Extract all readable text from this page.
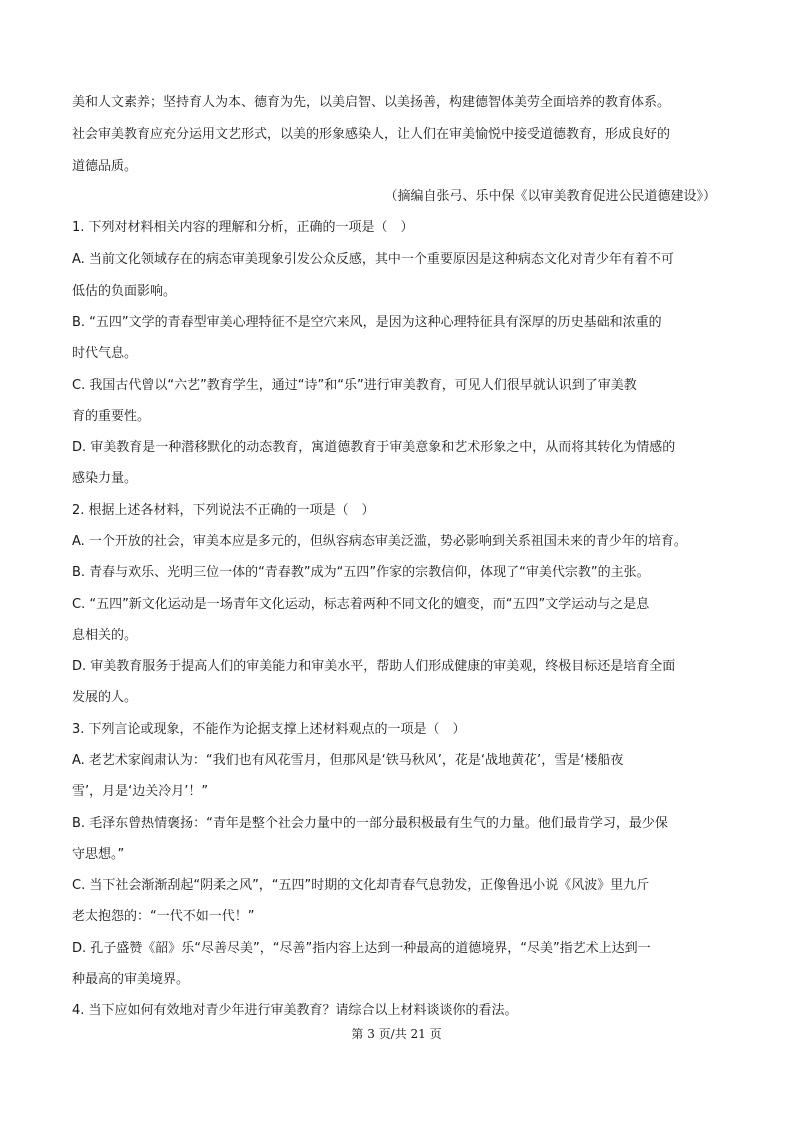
美和人文素养；坚持育人为本、德育为先，以美启智、以美扬善，构建德智体美劳全面培养的教育体系。
社会审美教育应充分运用文艺形式，以美的形象感染人，让人们在审美愉悦中接受道德教育，形成良好的
道德品质。
（摘编自张弓、乐中保《以审美教育促进公民道德建设》）
1. 下列对材料相关内容的理解和分析，正确的一项是（　）
A. 当前文化领域存在的病态审美现象引发公众反感，其中一个重要原因是这种病态文化对青少年有着不可
低估的负面影响。
B. “五四”文学的青春型审美心理特征不是空穴来风，是因为这种心理特征具有深厚的历史基础和浓重的
时代气息。
C. 我国古代曾以“六艺”教育学生，通过“诗”和“乐”进行审美教育，可见人们很早就认识到了审美教
育的重要性。
D. 审美教育是一种潜移默化的动态教育，寓道德教育于审美意象和艺术形象之中，从而将其转化为情感的
感染力量。
2. 根据上述各材料，下列说法不正确的一项是（　）
A. 一个开放的社会，审美本应是多元的，但纵容病态审美泛滥，势必影响到关系祖国未来的青少年的培育。
B. 青春与欢乐、光明三位一体的“青春教”成为“五四”作家的宗教信仰，体现了“审美代宗教”的主张。
C. “五四”新文化运动是一场青年文化运动，标志着两种不同文化的嬗变，而“五四”文学运动与之是息
息相关的。
D. 审美教育服务于提高人们的审美能力和审美水平，帮助人们形成健康的审美观，终极目标还是培育全面
发展的人。
3. 下列言论或现象，不能作为论据支撑上述材料观点的一项是（　）
A. 老艺术家阎肃认为：“我们也有风花雪月，但那风是‘铁马秋风’，花是‘战地黄花’，雪是‘楼船夜
雪’，月是‘边关冷月’！”
B. 毛泽东曾热情褒扬：“青年是整个社会力量中的一部分最积极最有生气的力量。他们最肯学习，最少保
守思想。”
C. 当下社会渐渐刮起“阴柔之风”，“五四”时期的文化却青春气息勃发，正像鲁迅小说《风波》里九斤
老太抱怨的：“一代不如一代！”
D. 孔子盛赞《韶》乐“尽善尽美”，“尽善”指内容上达到一种最高的道德境界，“尽美”指艺术上达到一
种最高的审美境界。
4. 当下应如何有效地对青少年进行审美教育？请综合以上材料谈谈你的看法。
第 3 页/共 21 页
